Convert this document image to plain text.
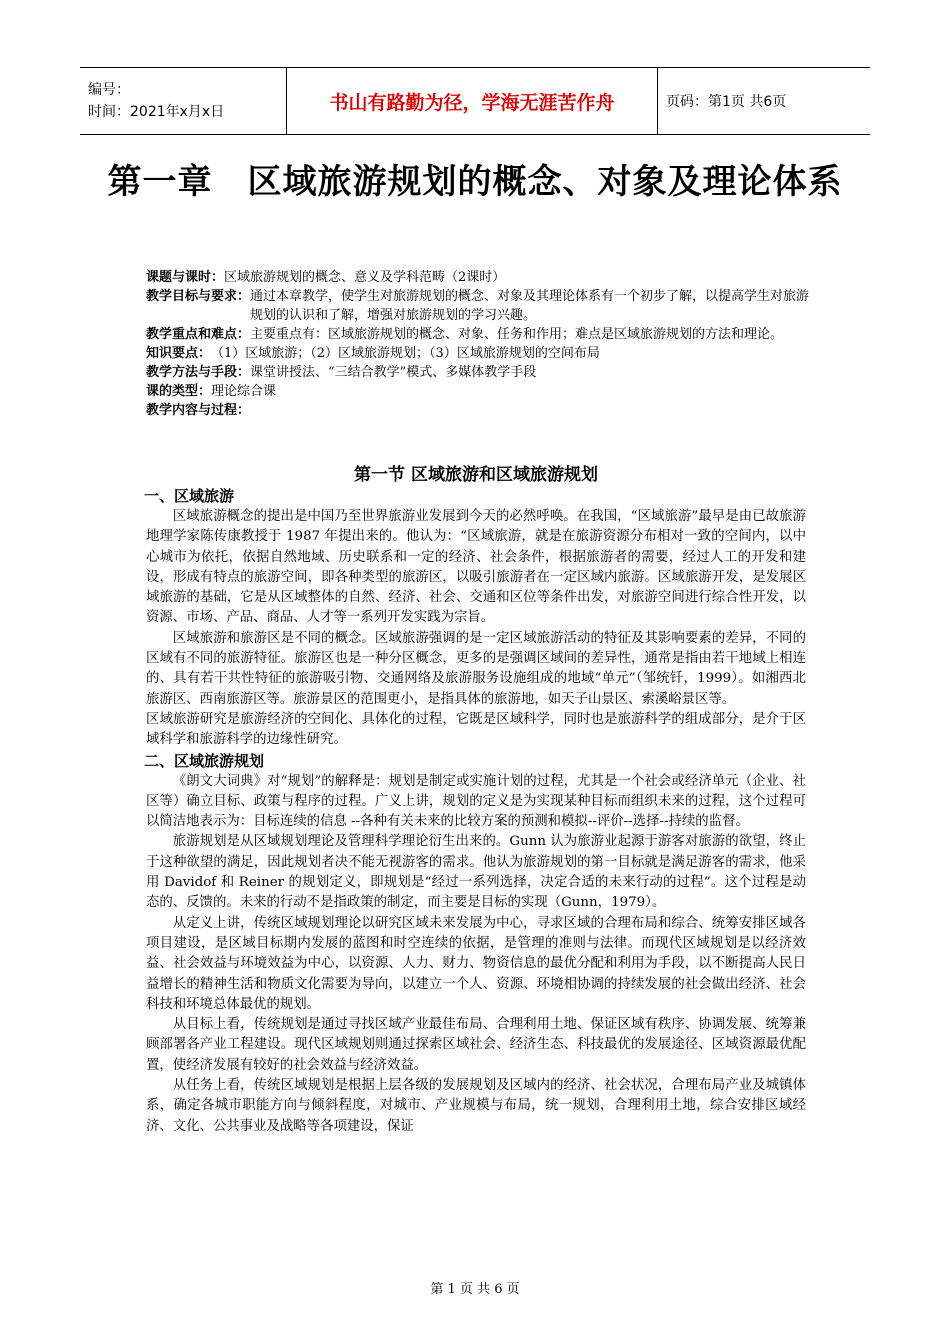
编号：
时间：2021年x月x日	书山有路勤为径，学海无涯苦作舟	页码：第1页 共6页
第一章　区域旅游规划的概念、对象及理论体系
课题与课时： 区域旅游规划的概念、意义及学科范畴（2课时）
教学目标与要求： 通过本章教学，使学生对旅游规划的概念、对象及其理论体系有一个初步了解，以提高学生对旅游规划的认识和了解，增强对旅游规划的学习兴趣。
教学重点和难点： 主要重点有：区域旅游规划的概念、对象、任务和作用；难点是区域旅游规划的方法和理论。
知识要点： （1）区域旅游；（2）区域旅游规划；（3）区域旅游规划的空间布局
教学方法与手段： 课堂讲授法、“三结合教学”模式、多媒体教学手段
课的类型： 理论综合课
教学内容与过程：
第一节 区域旅游和区域旅游规划
一、区域旅游

区域旅游概念的提出是中国乃至世界旅游业发展到今天的必然呼唤。在我国，“区域旅游”最早是由已故旅游地理学家陈传康教授于 1987 年提出来的。他认为：“区域旅游，就是在旅游资源分布相对一致的空间内，以中心城市为依托，依据自然地域、历史联系和一定的经济、社会条件，根据旅游者的需要，经过人工的开发和建设，形成有特点的旅游空间，即各种类型的旅游区，以吸引旅游者在一定区域内旅游。区域旅游开发，是发展区域旅游的基础，它是从区域整体的自然、经济、社会、交通和区位等条件出发，对旅游空间进行综合性开发，以资源、市场、产品、商品、人才等一系列开发实践为宗旨。

区域旅游和旅游区是不同的概念。区域旅游强调的是一定区域旅游活动的特征及其影响要素的差异，不同的区域有不同的旅游特征。旅游区也是一种分区概念，更多的是强调区域间的差异性，通常是指由若干地域上相连的、具有若干共性特征的旅游吸引物、交通网络及旅游服务设施组成的地域“单元”（邹统钎，1999）。如湘西北旅游区、西南旅游区等。旅游景区的范围更小，是指具体的旅游地，如天子山景区、索溪峪景区等。

区域旅游研究是旅游经济的空间化、具体化的过程，它既是区域科学，同时也是旅游科学的组成部分，是介于区域科学和旅游科学的边缘性研究。

二、区域旅游规划

《朗文大词典》对“规划”的解释是：规划是制定或实施计划的过程，尤其是一个社会或经济单元（企业、社区等）确立目标、政策与程序的过程。广义上讲，规划的定义是为实现某种目标而组织未来的过程，这个过程可以简洁地表示为：目标连续的信息 --各种有关未来的比较方案的预测和模拟--评价--选择--持续的监督。

旅游规划是从区域规划理论及管理科学理论衍生出来的。Gunn 认为旅游业起源于游客对旅游的欲望，终止于这种欲望的满足，因此规划者决不能无视游客的需求。他认为旅游规划的第一目标就是满足游客的需求，他采用 Davidof 和 Reiner 的规划定义，即规划是“经过一系列选择，决定合适的未来行动的过程”。这个过程是动态的、反馈的。未来的行动不是指政策的制定，而主要是目标的实现（Gunn，1979）。

从定义上讲，传统区域规划理论以研究区域未来发展为中心，寻求区域的合理布局和综合、统筹安排区域各项目建设，是区域目标期内发展的蓝图和时空连续的依据，是管理的准则与法律。而现代区域规划是以经济效益、社会效益与环境效益为中心，以资源、人力、财力、物资信息的最优分配和利用为手段，以不断提高人民日益增长的精神生活和物质文化需要为导向，以建立一个人、资源、环境相协调的持续发展的社会做出经济、社会科技和环境总体最优的规划。

从目标上看，传统规划是通过寻找区域产业最佳布局、合理利用土地、保证区域有秩序、协调发展、统筹兼顾部署各产业工程建设。现代区域规划则通过探索区域社会、经济生态、科技最优的发展途径、区域资源最优配置，使经济发展有较好的社会效益与经济效益。

从任务上看，传统区域规划是根据上层各级的发展规划及区域内的经济、社会状况，合理布局产业及城镇体系，确定各城市职能方向与倾斜程度，对城市、产业规模与布局，统一规划，合理利用土地，综合安排区域经济、文化、公共事业及战略等各项建设，保证

第 1 页 共 6 页
